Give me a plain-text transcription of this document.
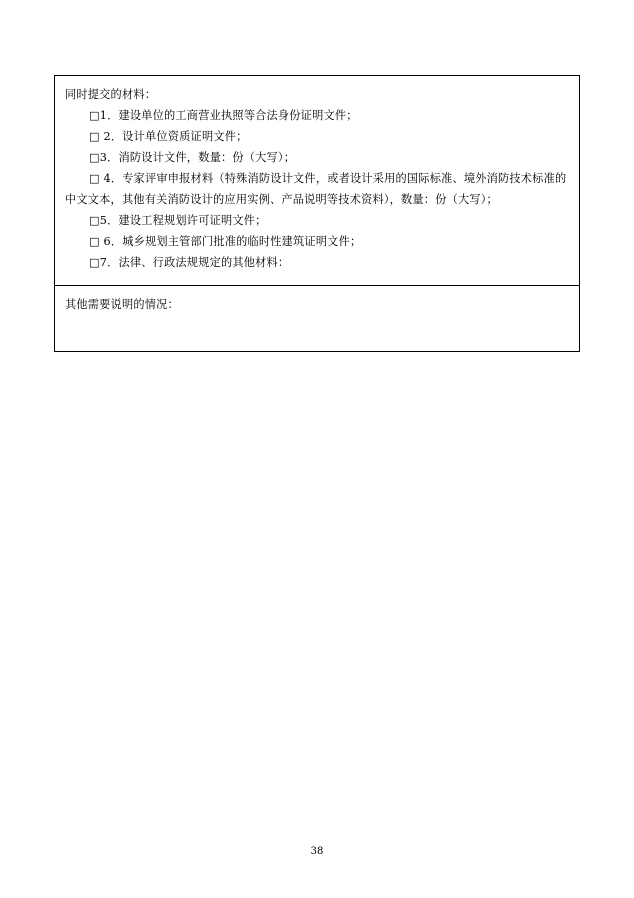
同时提交的材料：
□1．建设单位的工商营业执照等合法身份证明文件；
□ 2．设计单位资质证明文件；
□3．消防设计文件，数量：份（大写）；
□ 4．专家评审申报材料（特殊消防设计文件，或者设计采用的国际标准、境外消防技术标准的中文文本，其他有关消防设计的应用实例、产品说明等技术资料），数量：份（大写）；
□5．建设工程规划许可证明文件；
□ 6．城乡规划主管部门批准的临时性建筑证明文件；
□7．法律、行政法规规定的其他材料：
其他需要说明的情况：
38
